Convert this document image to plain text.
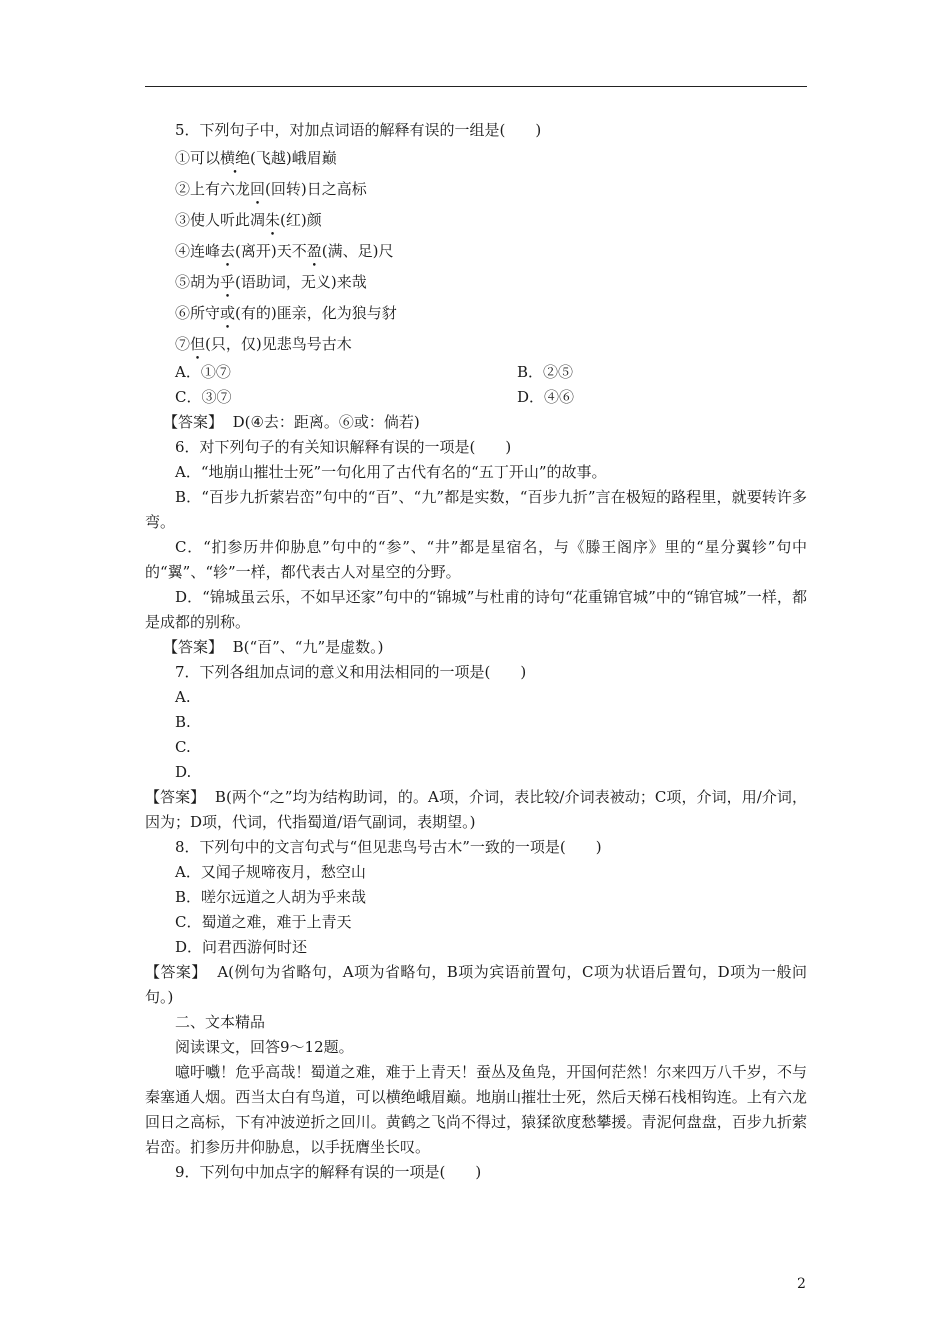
5．下列句子中，对加点词语的解释有误的一组是(　　)

①可以横绝(飞越)峨眉巅
②上有六龙回(回转)日之高标
③使人听此凋朱(红)颜
④连峰去(离开)天不盈(满、足)尺
⑤胡为乎(语助词，无义)来哉
⑥所守或(有的)匪亲，化为狼与豺
⑦但(只，仅)见悲鸟号古木
A．①⑦	B．②⑤
C．③⑦	D．④⑥

【答案】 D(④去：距离。⑥或：倘若)

6．对下列句子的有关知识解释有误的一项是(　　)

A．“地崩山摧壮士死”一句化用了古代有名的“五丁开山”的故事。

B．“百步九折萦岩峦”句中的“百”、“九”都是实数，“百步九折”言在极短的路程里，就要转许多弯。

C．“扪参历井仰胁息”句中的“参”、“井”都是星宿名，与《滕王阁序》里的“星分翼轸”句中的“翼”、“轸”一样，都代表古人对星空的分野。

D．“锦城虽云乐，不如早还家”句中的“锦城”与杜甫的诗句“花重锦官城”中的“锦官城”一样，都是成都的别称。

【答案】 B(“百”、“九”是虚数。)

7．下列各组加点词的意义和用法相同的一项是(　　)

A.

B.

C.

D.

【答案】 B(两个“之”均为结构助词，的。A项，介词，表比较/介词表被动；C项，介词，用/介词，因为；D项，代词，代指蜀道/语气副词，表期望。)

8．下列句中的文言句式与“但见悲鸟号古木”一致的一项是(　　)

A．又闻子规啼夜月，愁空山

B．嗟尔远道之人胡为乎来哉

C．蜀道之难，难于上青天

D．问君西游何时还

【答案】 A(例句为省略句，A项为省略句，B项为宾语前置句，C项为状语后置句，D项为一般问句。)

二、文本精品

阅读课文，回答9～12题。

噫吁嚱！危乎高哉！蜀道之难，难于上青天！蚕丛及鱼凫，开国何茫然！尔来四万八千岁，不与秦塞通人烟。西当太白有鸟道，可以横绝峨眉巅。地崩山摧壮士死，然后天梯石栈相钩连。上有六龙回日之高标，下有冲波逆折之回川。黄鹤之飞尚不得过，猿猱欲度愁攀援。青泥何盘盘，百步九折萦岩峦。扪参历井仰胁息，以手抚膺坐长叹。

9．下列句中加点字的解释有误的一项是(　　)

2
